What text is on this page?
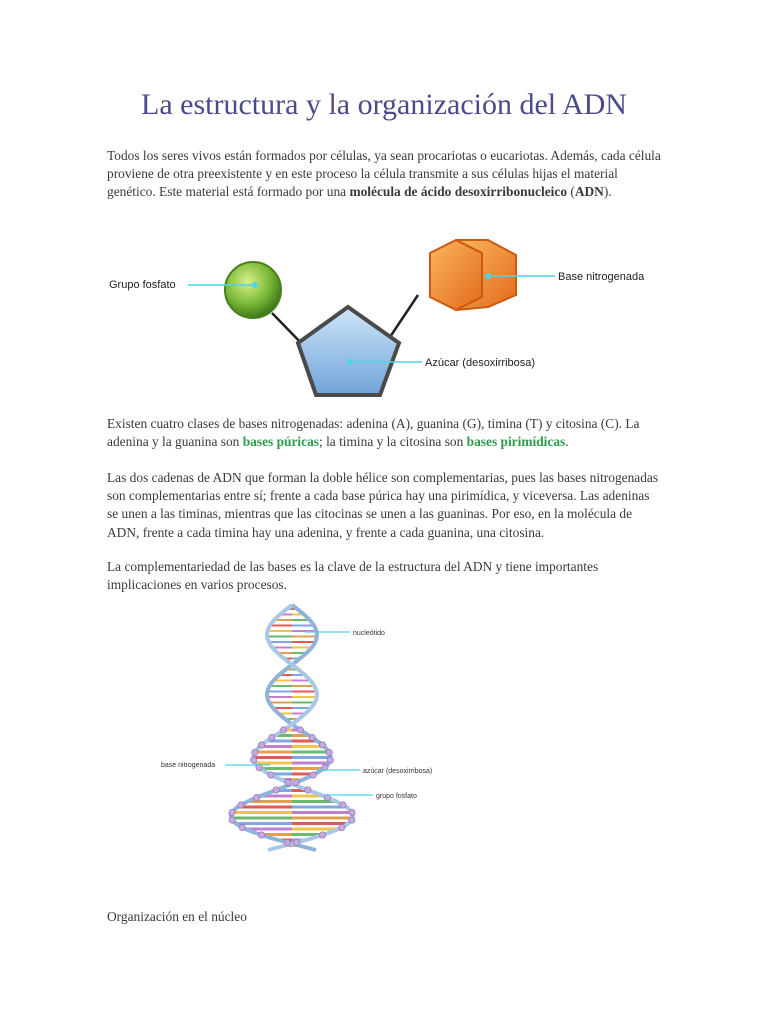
La estructura y la organización del ADN
Todos los seres vivos están formados por células, ya sean procariotas o eucariotas. Además, cada célula proviene de otra preexistente y en este proceso la célula transmite a sus células hijas el material genético. Este material está formado por una molécula de ácido desoxirribonucleico (ADN).
Grupo fosfato
Base nitrogenada
Azúcar (desoxirribosa)
Existen cuatro clases de bases nitrogenadas: adenina (A), guanina (G), timina (T) y citosina (C). La adenina y la guanina son bases púricas; la timina y la citosina son bases pirimídicas.
Las dos cadenas de ADN que forman la doble hélice son complementarias, pues las bases nitrogenadas son complementarias entre sí; frente a cada base púrica hay una pirimídica, y viceversa. Las adeninas se unen a las timinas, mientras que las citocinas se unen a las guaninas. Por eso, en la molécula de ADN, frente a cada timina hay una adenina, y frente a cada guanina, una citosina.
La complementariedad de las bases es la clave de la estructura del ADN y tiene importantes implicaciones en varios procesos.
nucleótido
base nitrogenada
azúcar (desoxirribosa)
grupo fosfato
Organización en el núcleo
